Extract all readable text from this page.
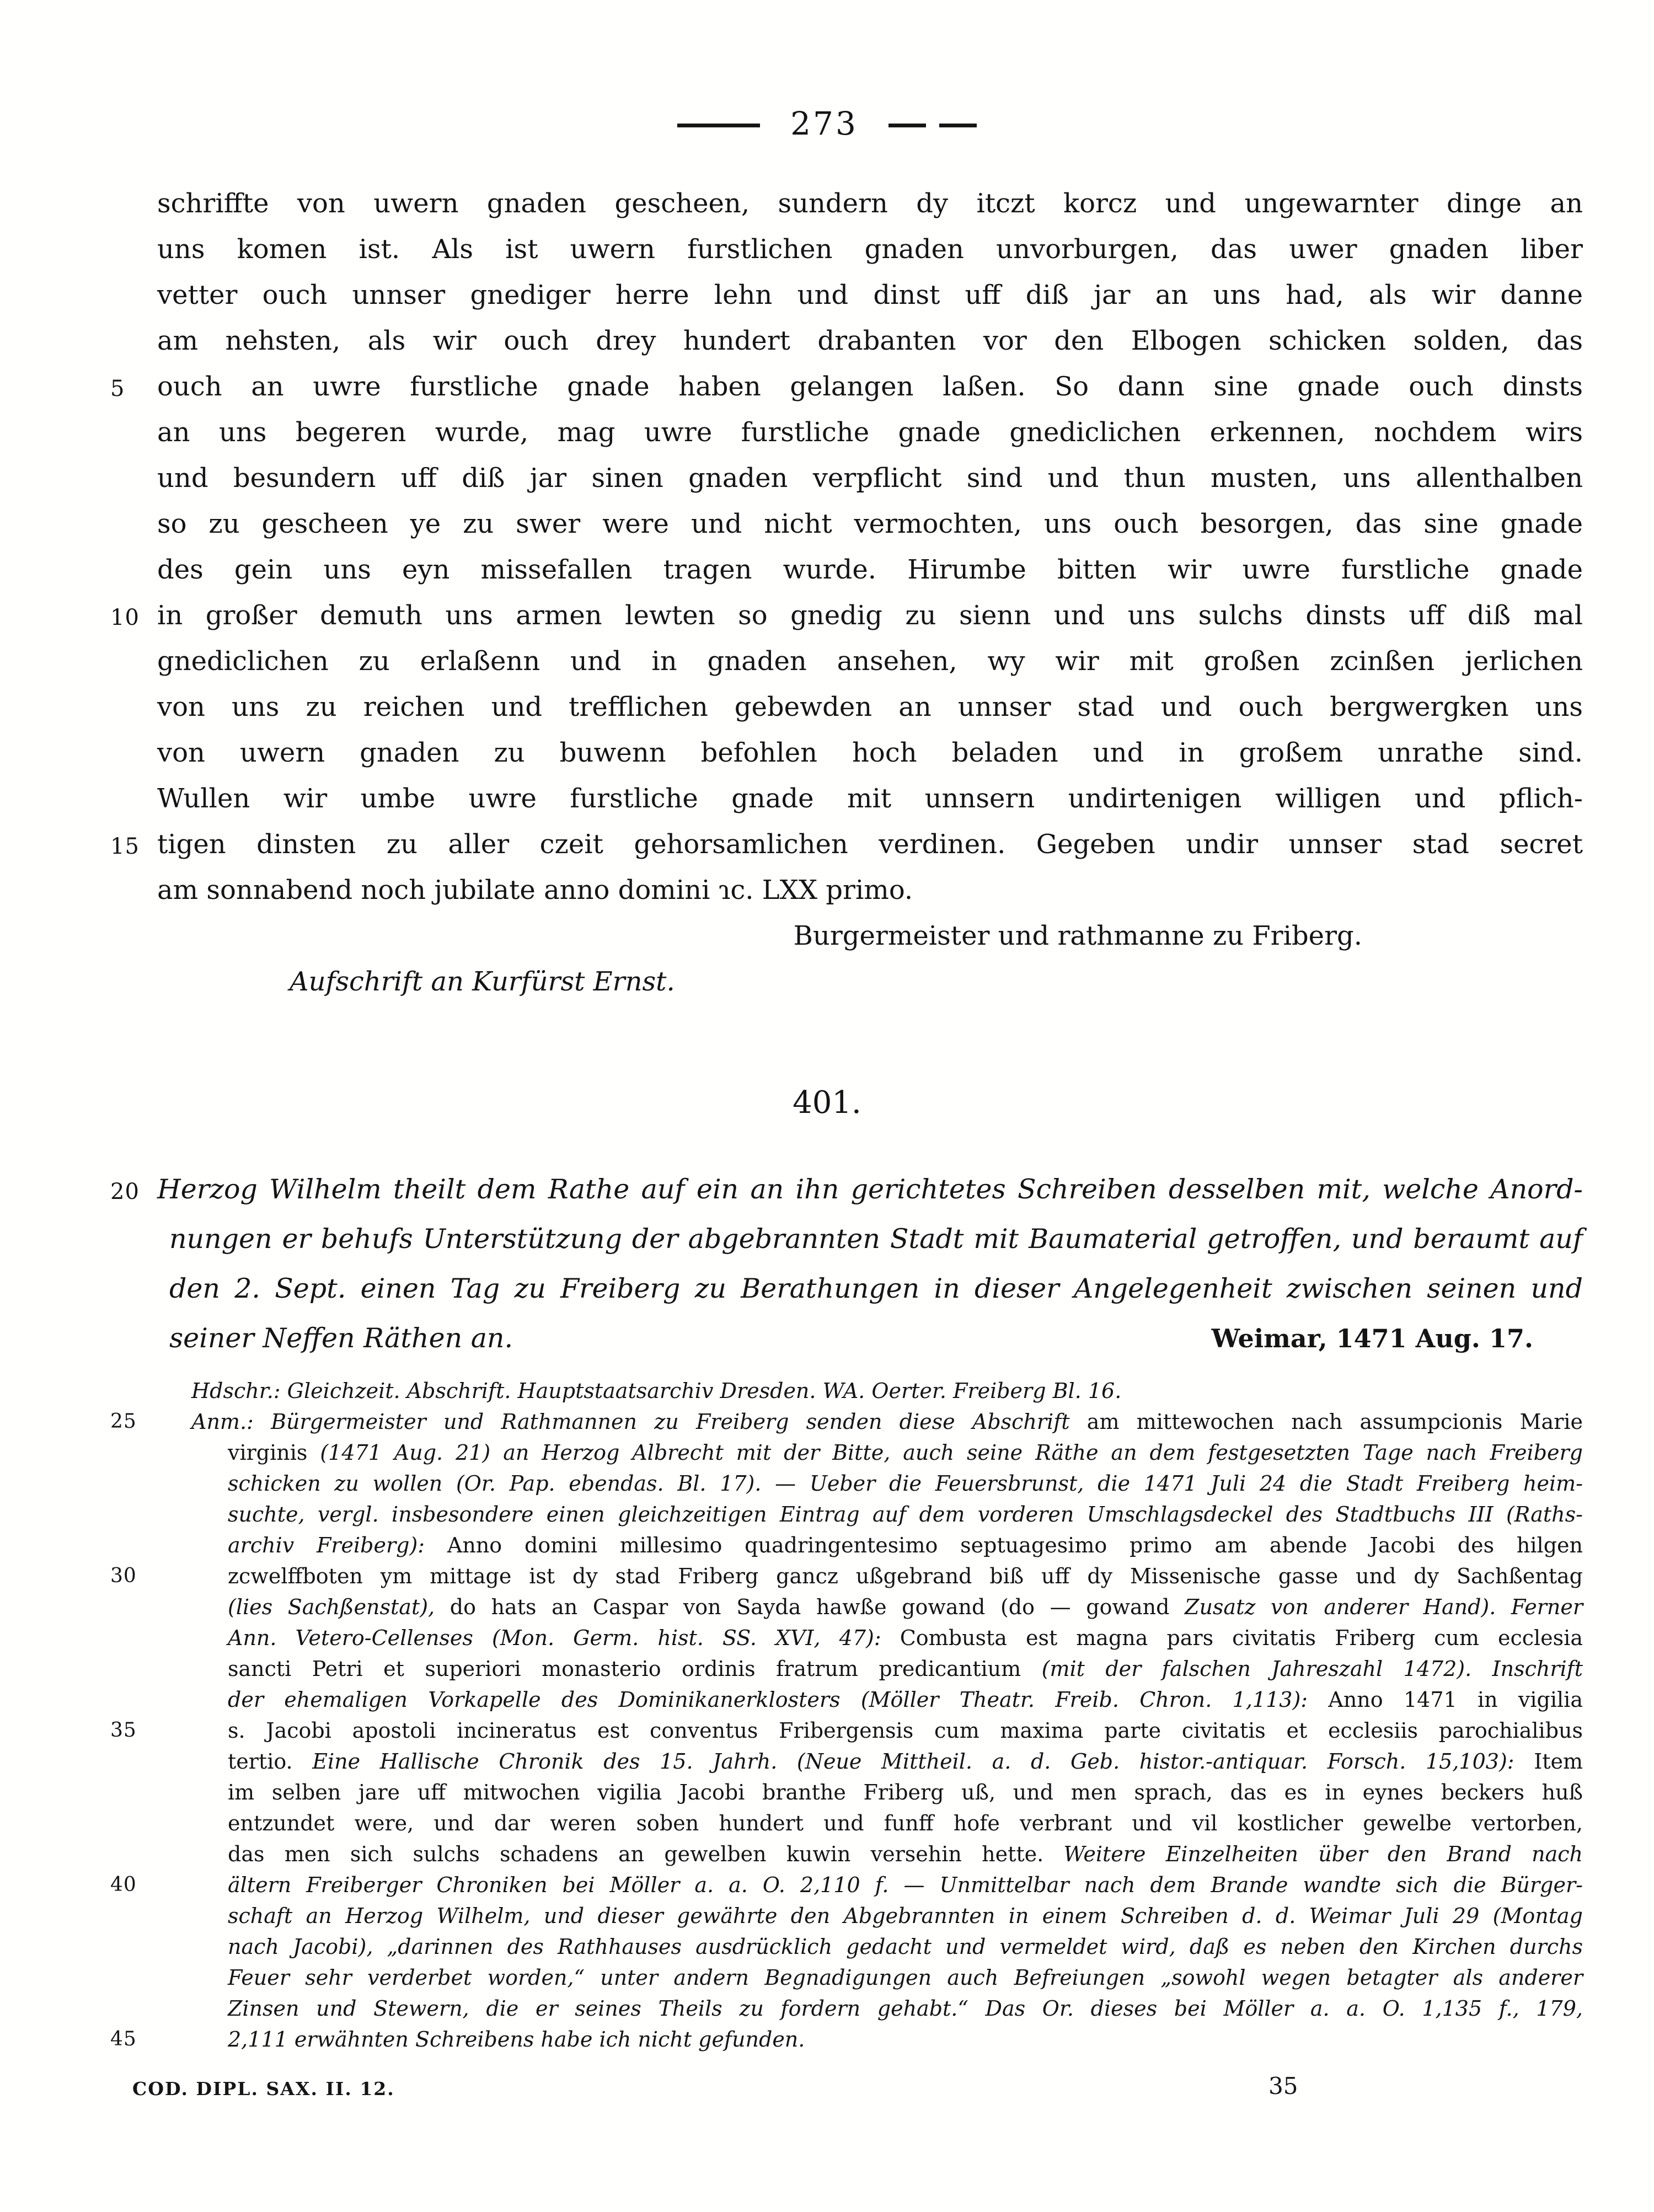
273
schriffte von uwern gnaden gescheen, sundern dy itczt korcz und ungewarnter dinge an
uns komen ist. Als ist uwern furstlichen gnaden unvorburgen, das uwer gnaden liber
vetter ouch unnser gnediger herre lehn und dinst uff diß jar an uns had, als wir danne
am nehsten, als wir ouch drey hundert drabanten vor den Elbogen schicken solden, das
5 ouch an uwre furstliche gnade haben gelangen laßen. So dann sine gnade ouch dinsts
an uns begeren wurde, mag uwre furstliche gnade gnediclichen erkennen, nochdem wirs
und besundern uff diß jar sinen gnaden verpflicht sind und thun musten, uns allenthalben
so zu gescheen ye zu swer were und nicht vermochten, uns ouch besorgen, das sine gnade
des gein uns eyn missefallen tragen wurde. Hirumbe bitten wir uwre furstliche gnade
10 in großer demuth uns armen lewten so gnedig zu sienn und uns sulchs dinsts uff diß mal
gnediclichen zu erlaßenn und in gnaden ansehen, wy wir mit großen zcinßen jerlichen
von uns zu reichen und trefflichen gebewden an unnser stad und ouch bergwergken uns
von uwern gnaden zu buwenn befohlen hoch beladen und in großem unrathe sind.
Wullen wir umbe uwre furstliche gnade mit unnsern undirtenigen willigen und pflich-
15 tigen dinsten zu aller czeit gehorsamlichen verdinen. Gegeben undir unnser stad secret
am sonnabend noch jubilate anno domini ɿc. LXX primo.
Burgermeister und rathmanne zu Friberg.
Aufschrift an Kurfürst Ernst.
401.
20 Herzog Wilhelm theilt dem Rathe auf ein an ihn gerichtetes Schreiben desselben mit, welche Anord-
nungen er behufs Unterstützung der abgebrannten Stadt mit Baumaterial getroffen, und beraumt auf
den 2. Sept. einen Tag zu Freiberg zu Berathungen in dieser Angelegenheit zwischen seinen und
seiner Neffen Räthen an.	Weimar, 1471 Aug. 17.
Hdschr.: Gleichzeit. Abschrift. Hauptstaatsarchiv Dresden. WA. Oerter. Freiberg Bl. 16.
25	Anm.: Bürgermeister und Rathmannen zu Freiberg senden diese Abschrift am mittewochen nach assumpcionis Marie
virginis (1471 Aug. 21) an Herzog Albrecht mit der Bitte, auch seine Räthe an dem festgesetzten Tage nach Freiberg
schicken zu wollen (Or. Pap. ebendas. Bl. 17). — Ueber die Feuersbrunst, die 1471 Juli 24 die Stadt Freiberg heim-
suchte, vergl. insbesondere einen gleichzeitigen Eintrag auf dem vorderen Umschlagsdeckel des Stadtbuchs III (Raths-
archiv Freiberg): Anno domini millesimo quadringentesimo septuagesimo primo am abende Jacobi des hilgen
30	zcwelffboten ym mittage ist dy stad Friberg gancz ußgebrand biß uff dy Missenische gasse und dy Sachßentag
(lies Sachßenstat), do hats an Caspar von Sayda hawße gowand (do — gowand Zusatz von anderer Hand). Ferner
Ann. Vetero-Cellenses (Mon. Germ. hist. SS. XVI, 47): Combusta est magna pars civitatis Friberg cum ecclesia
sancti Petri et superiori monasterio ordinis fratrum predicantium (mit der falschen Jahreszahl 1472). Inschrift
der ehemaligen Vorkapelle des Dominikanerklosters (Möller Theatr. Freib. Chron. 1,113): Anno 1471 in vigilia
35	s. Jacobi apostoli incineratus est conventus Fribergensis cum maxima parte civitatis et ecclesiis parochialibus
tertio. Eine Hallische Chronik des 15. Jahrh. (Neue Mittheil. a. d. Geb. histor.-antiquar. Forsch. 15,103): Item
im selben jare uff mitwochen vigilia Jacobi branthe Friberg uß, und men sprach, das es in eynes beckers huß
entzundet were, und dar weren soben hundert und funff hofe verbrant und vil kostlicher gewelbe vertorben,
das men sich sulchs schadens an gewelben kuwin versehin hette. Weitere Einzelheiten über den Brand nach
40	ältern Freiberger Chroniken bei Möller a. a. O. 2,110 f. — Unmittelbar nach dem Brande wandte sich die Bürger-
schaft an Herzog Wilhelm, und dieser gewährte den Abgebrannten in einem Schreiben d. d. Weimar Juli 29 (Montag
nach Jacobi), „darinnen des Rathhauses ausdrücklich gedacht und vermeldet wird, daß es neben den Kirchen durchs
Feuer sehr verderbet worden,“ unter andern Begnadigungen auch Befreiungen „sowohl wegen betagter als anderer
Zinsen und Stewern, die er seines Theils zu fordern gehabt.“ Das Or. dieses bei Möller a. a. O. 1,135 f., 179,
45	2,111 erwähnten Schreibens habe ich nicht gefunden.
COD. DIPL. SAX. II. 12.	35
